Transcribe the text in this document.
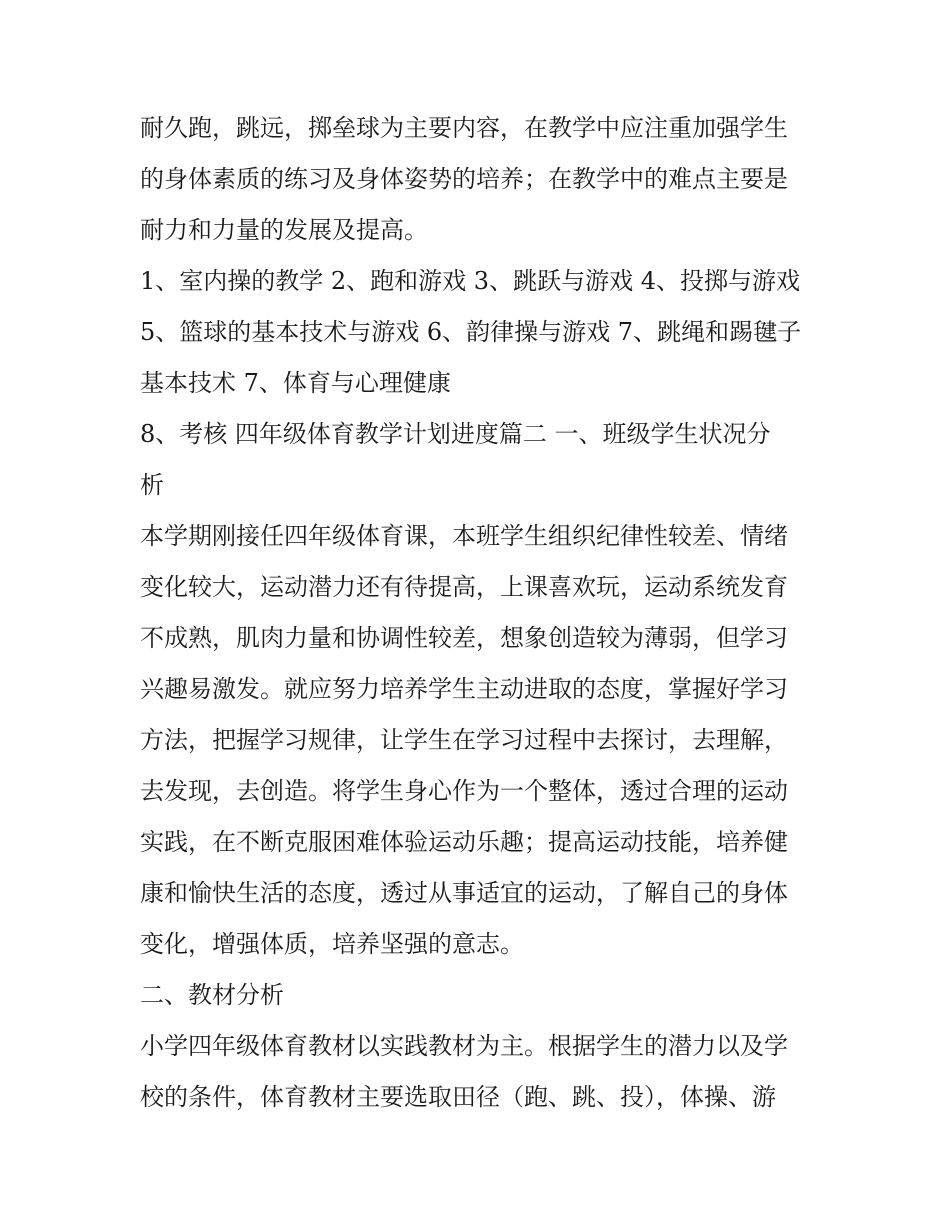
耐久跑，跳远，掷垒球为主要内容，在教学中应注重加强学生
的身体素质的练习及身体姿势的培养；在教学中的难点主要是
耐力和力量的发展及提高。
1、室内操的教学 2、跑和游戏 3、跳跃与游戏 4、投掷与游戏
5、篮球的基本技术与游戏 6、韵律操与游戏 7、跳绳和踢毽子
基本技术 7、体育与心理健康
8、考核 四年级体育教学计划进度篇二 一、班级学生状况分
析
本学期刚接任四年级体育课，本班学生组织纪律性较差、情绪
变化较大，运动潜力还有待提高，上课喜欢玩，运动系统发育
不成熟，肌肉力量和协调性较差，想象创造较为薄弱，但学习
兴趣易激发。就应努力培养学生主动进取的态度，掌握好学习
方法，把握学习规律，让学生在学习过程中去探讨，去理解，
去发现，去创造。将学生身心作为一个整体，透过合理的运动
实践，在不断克服困难体验运动乐趣；提高运动技能，培养健
康和愉快生活的态度，透过从事适宜的运动，了解自己的身体
变化，增强体质，培养坚强的意志。
二、教材分析
小学四年级体育教材以实践教材为主。根据学生的潜力以及学
校的条件，体育教材主要选取田径（跑、跳、投），体操、游
